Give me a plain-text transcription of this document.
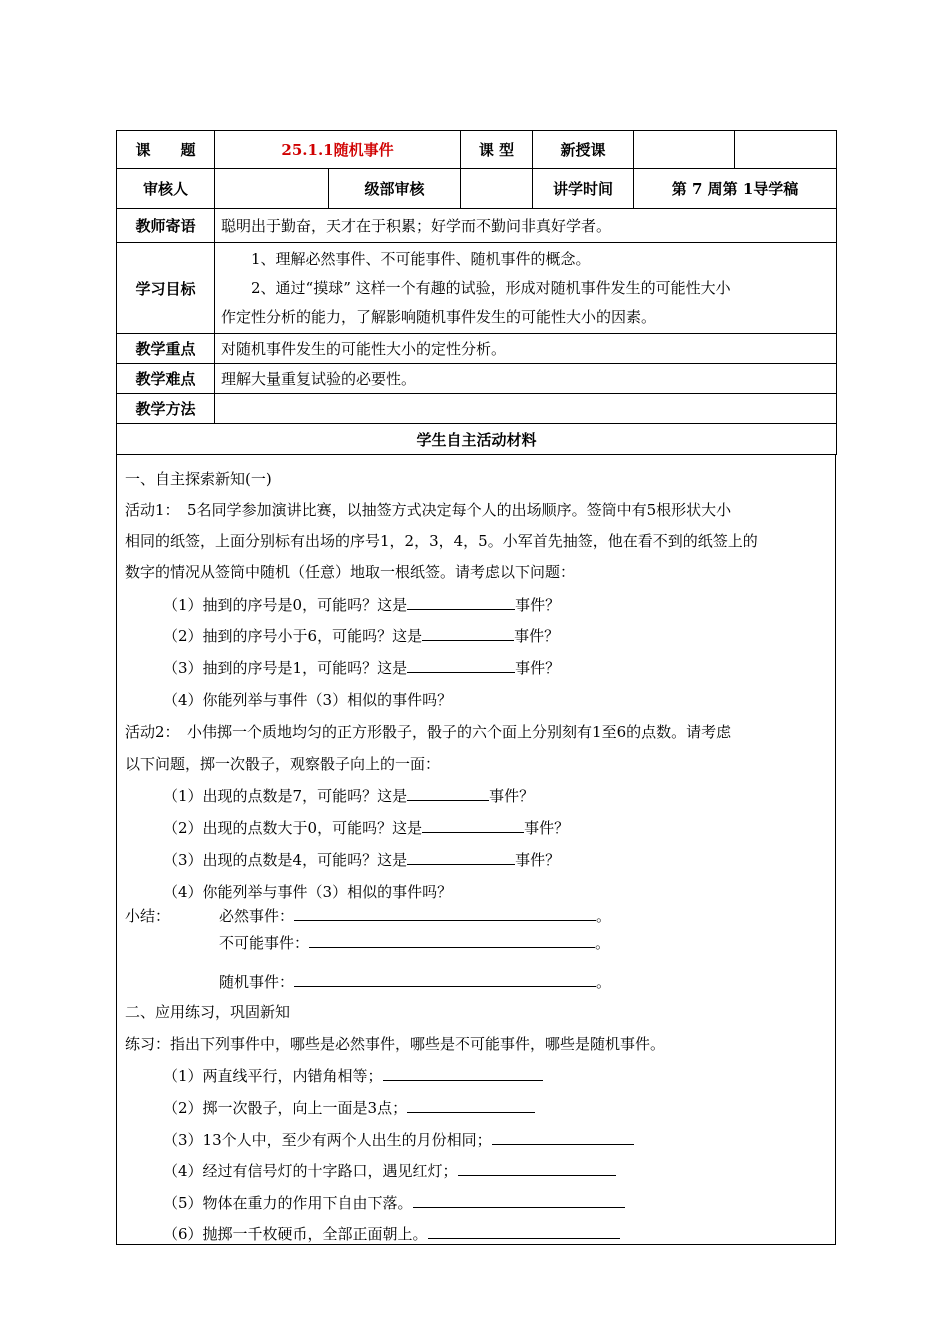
课　　题	25.1.1随机事件		课 型	新授课		
审核人		级部审核		讲学时间	第 7 周第 1导学稿	
教师寄语	聪明出于勤奋，天才在于积累；好学而不勤问非真好学者。					
学习目标	1、理解必然事件、不可能事件、随机事件的概念。

2、通过“摸球” 这样一个有趣的试验，形成对随机事件发生的可能性大小

作定性分析的能力，了解影响随机事件发生的可能性大小的因素。					

教学重点	对随机事件发生的可能性大小的定性分析。					
教学难点	理解大量重复试验的必要性。					
教学方法						
学生自主活动材料						
一、自主探索新知(一)
活动1：　5名同学参加演讲比赛，以抽签方式决定每个人的出场顺序。签筒中有5根形状大小
相同的纸签，上面分别标有出场的序号1，2，3，4，5。小军首先抽签，他在看不到的纸签上的
数字的情况从签筒中随机（任意）地取一根纸签。请考虑以下问题：
（1）抽到的序号是0，可能吗？这是	事件？
（2）抽到的序号小于6，可能吗？这是	事件？
（3）抽到的序号是1，可能吗？这是	事件？
（4）你能列举与事件（3）相似的事件吗？
活动2：　小伟掷一个质地均匀的正方形骰子，骰子的六个面上分别刻有1至6的点数。请考虑
以下问题，掷一次骰子，观察骰子向上的一面：
（1）出现的点数是7，可能吗？这是	事件？
（2）出现的点数大于0，可能吗？这是	事件？
（3）出现的点数是4，可能吗？这是	事件？
（4）你能列举与事件（3）相似的事件吗？
小结：	必然事件：	。
不可能事件：	。
随机事件：	。
二、应用练习，巩固新知
练习：指出下列事件中，哪些是必然事件，哪些是不可能事件，哪些是随机事件。
（1）两直线平行，内错角相等；
（2）掷一次骰子，向上一面是3点；
（3）13个人中，至少有两个人出生的月份相同；
（4）经过有信号灯的十字路口，遇见红灯；
（5）物体在重力的作用下自由下落。
（6）抛掷一千枚硬币，全部正面朝上。
